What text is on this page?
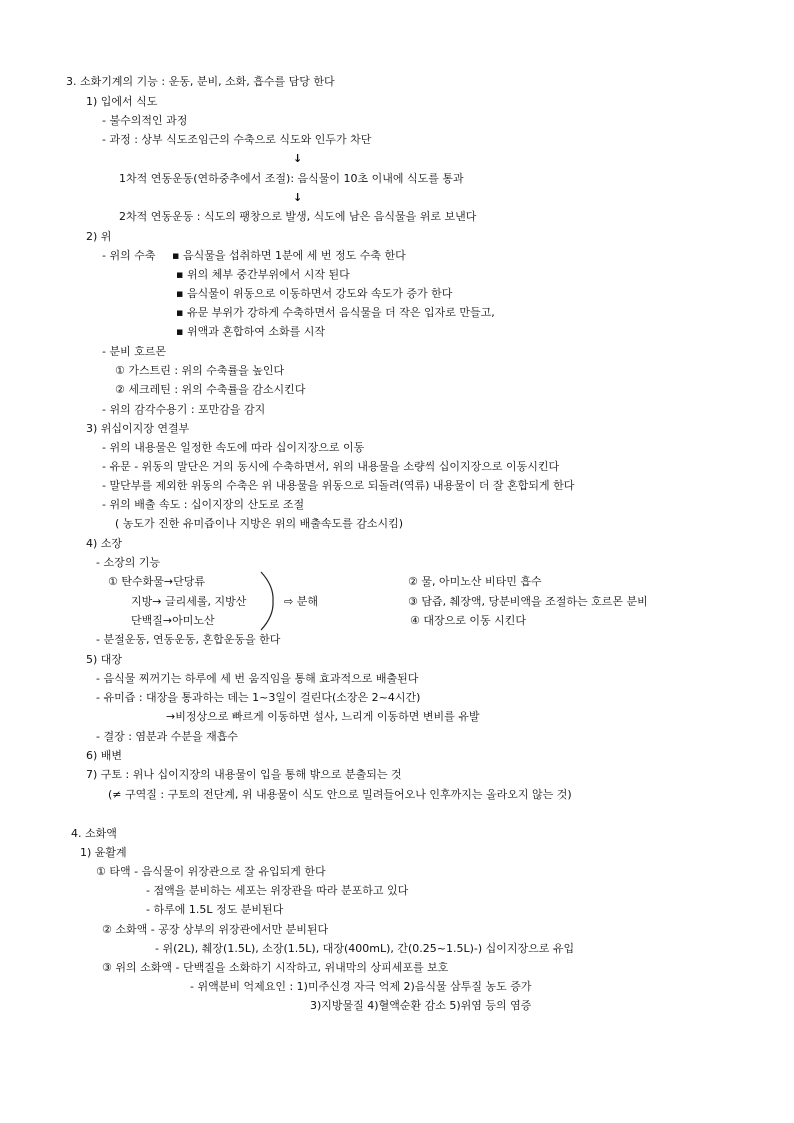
3. 소화기계의 기능 : 운동, 분비, 소화, 흡수를 담당 한다
1) 입에서 식도
- 불수의적인 과정
- 과정 : 상부 식도조임근의 수축으로 식도와 인두가 차단
↓
1차적 연동운동(연하중추에서 조절): 음식물이 10초 이내에 식도를 통과
↓
2차적 연동운동 : 식도의 팽창으로 발생, 식도에 남은 음식물을 위로 보낸다
2) 위
- 위의 수축 ▪ 음식물을 섭취하면 1분에 세 번 정도 수축 한다
▪ 위의 체부 중간부위에서 시작 된다
▪ 음식물이 위동으로 이동하면서 강도와 속도가 증가 한다
▪ 유문 부위가 강하게 수축하면서 음식물을 더 작은 입자로 만들고,
▪ 위액과 혼합하여 소화를 시작
- 분비 호르몬
① 가스트린 : 위의 수축률을 높인다
② 세크레틴 : 위의 수축률을 감소시킨다
- 위의 감각수용기 : 포만감을 감지
3) 위십이지장 연결부
- 위의 내용물은 일정한 속도에 따라 십이지장으로 이동
- 유문 - 위동의 말단은 거의 동시에 수축하면서, 위의 내용물을 소량씩 십이지장으로 이동시킨다
- 말단부를 제외한 위동의 수축은 위 내용물을 위동으로 되돌려(역류) 내용물이 더 잘 혼합되게 한다
- 위의 배출 속도 : 십이지장의 산도로 조절
( 농도가 진한 유미즙이나 지방은 위의 배출속도를 감소시킴)
4) 소장
- 소장의 기능
① 탄수화물→단당류
지방→ 글리세롤, 지방산
단백질→아미노산
⇨ 분해
② 물, 아미노산 비타민 흡수
③ 담즙, 췌장액, 당분비액을 조절하는 호르몬 분비
④ 대장으로 이동 시킨다
- 분절운동, 연동운동, 혼합운동을 한다
5) 대장
- 음식물 찌꺼기는 하루에 세 번 움직임을 통해 효과적으로 배출된다
- 유미즙 : 대장을 통과하는 데는 1~3일이 걸린다(소장은 2~4시간)
→비정상으로 빠르게 이동하면 설사, 느리게 이동하면 변비를 유발
- 결장 : 염분과 수분을 재흡수
6) 배변
7) 구토 : 위나 십이지장의 내용물이 입을 통해 밖으로 분출되는 것
(≠ 구역질 : 구토의 전단계, 위 내용물이 식도 안으로 밀려들어오나 인후까지는 올라오지 않는 것)
4. 소화액
1) 윤활계
① 타액 - 음식물이 위장관으로 잘 유입되게 한다
- 점액을 분비하는 세포는 위장관을 따라 분포하고 있다
- 하루에 1.5L 정도 분비된다
② 소화액 - 공장 상부의 위장관에서만 분비된다
- 위(2L), 췌장(1.5L), 소장(1.5L), 대장(400mL), 간(0.25~1.5L)-) 십이지장으로 유입
③ 위의 소화액 - 단백질을 소화하기 시작하고, 위내막의 상피세포를 보호
- 위액분비 억제요인 : 1)미주신경 자극 억제 2)음식물 삼투질 농도 증가
3)지방물질 4)혈액순환 감소 5)위염 등의 염증
